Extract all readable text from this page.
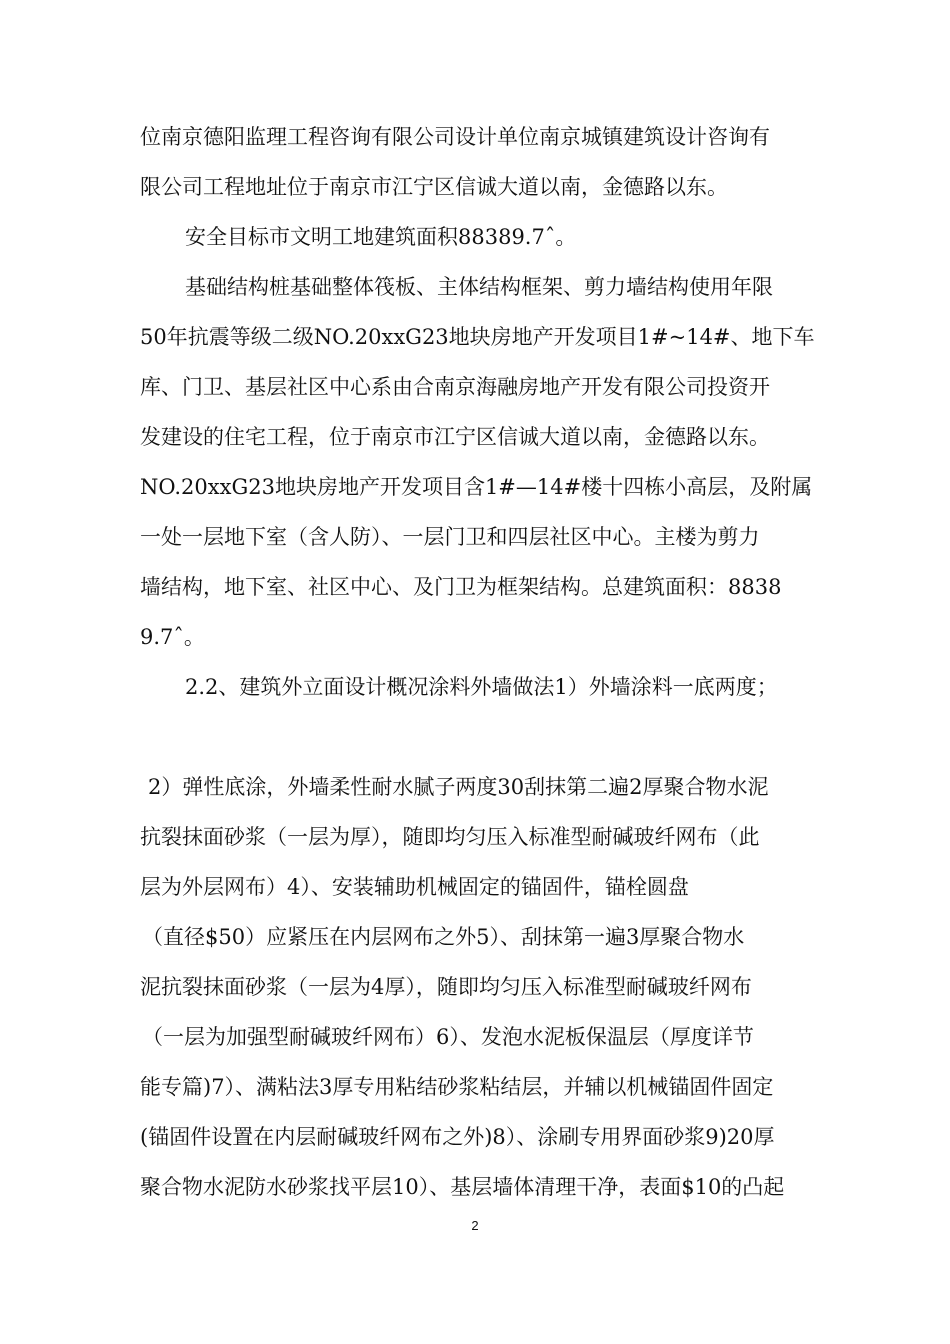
位南京德阳监理工程咨询有限公司设计单位南京城镇建筑设计咨询有
限公司工程地址位于南京市江宁区信诚大道以南，金德路以东。
安全目标市文明工地建筑面积88389.7ˆ。
基础结构桩基础整体筏板、主体结构框架、剪力墙结构使用年限
50年抗震等级二级NO.20xxG23地块房地产开发项目1#~14#、地下车
库、门卫、基层社区中心系由合南京海融房地产开发有限公司投资开
发建设的住宅工程，位于南京市江宁区信诚大道以南，金德路以东。
NO.20xxG23地块房地产开发项目含1#—14#楼十四栋小高层，及附属
一处一层地下室（含人防）、一层门卫和四层社区中心。主楼为剪力
墙结构，地下室、社区中心、及门卫为框架结构。总建筑面积：8838
9.7ˆ。
2.2、建筑外立面设计概况涂料外墙做法1）外墙涂料一底两度；
2）弹性底涂，外墙柔性耐水腻子两度30刮抹第二遍2厚聚合物水泥
抗裂抹面砂浆（一层为厚），随即均匀压入标准型耐碱玻纤网布（此
层为外层网布）4）、安装辅助机械固定的锚固件，锚栓圆盘
（直径$50）应紧压在内层网布之外5）、刮抹第一遍3厚聚合物水
泥抗裂抹面砂浆（一层为4厚），随即均匀压入标准型耐碱玻纤网布
（一层为加强型耐碱玻纤网布）6）、发泡水泥板保温层（厚度详节
能专篇)7）、满粘法3厚专用粘结砂浆粘结层，并辅以机械锚固件固定
(锚固件设置在内层耐碱玻纤网布之外)8）、涂刷专用界面砂浆9)20厚
聚合物水泥防水砂浆找平层10）、基层墙体清理干净，表面$10的凸起
2
